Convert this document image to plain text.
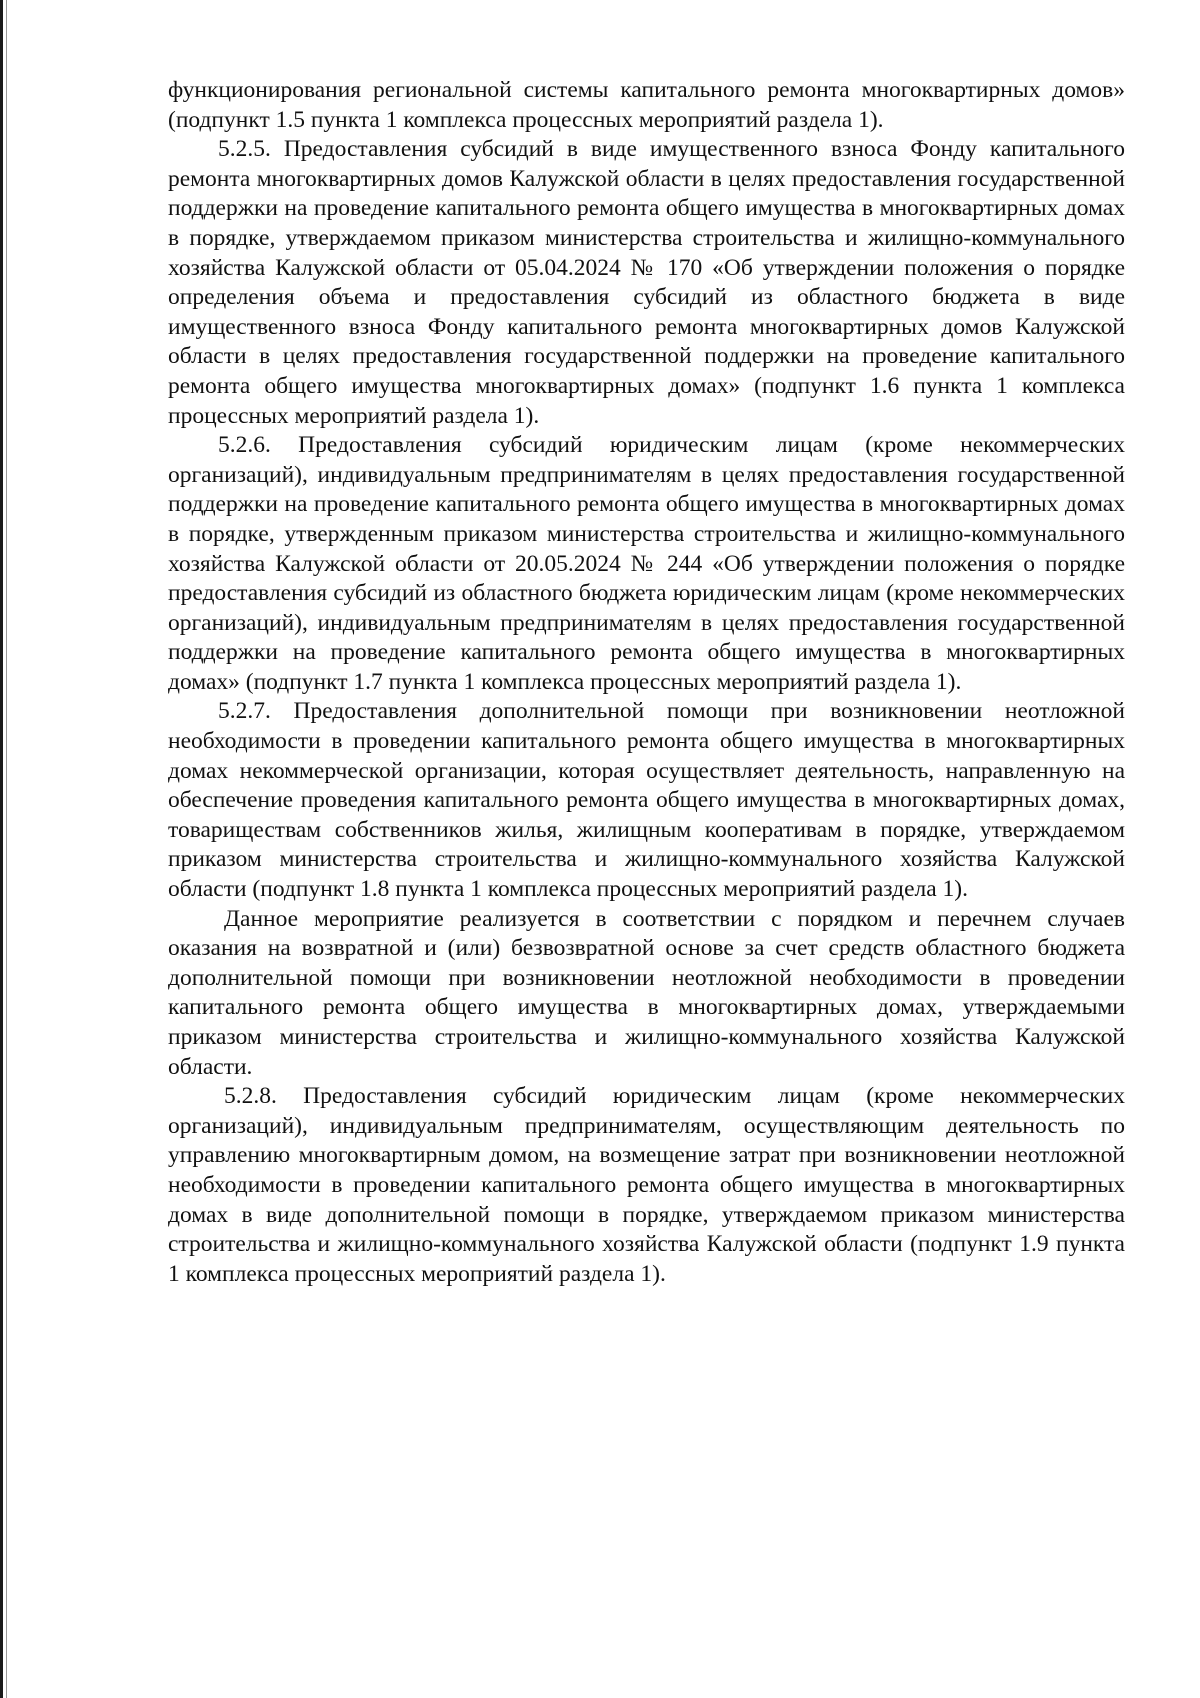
функционирования региональной системы капитального ремонта многоквартирных домов» (подпункт 1.5 пункта 1 комплекса процессных мероприятий раздела 1).

5.2.5. Предоставления субсидий в виде имущественного взноса Фонду капитального ремонта многоквартирных домов Калужской области в целях предоставления государственной поддержки на проведение капитального ремонта общего имущества в многоквартирных домах в порядке, утверждаемом приказом министерства строительства и жилищно-коммунального хозяйства Калужской области от 05.04.2024 № 170 «Об утверждении положения о порядке определения объема и предоставления субсидий из областного бюджета в виде имущественного взноса Фонду капитального ремонта многоквартирных домов Калужской области в целях предоставления государственной поддержки на проведение капитального ремонта общего имущества многоквартирных домах» (подпункт 1.6 пункта 1 комплекса процессных мероприятий раздела 1).

5.2.6. Предоставления субсидий юридическим лицам (кроме некоммерческих организаций), индивидуальным предпринимателям в целях предоставления государственной поддержки на проведение капитального ремонта общего имущества в многоквартирных домах в порядке, утвержденным приказом министерства строительства и жилищно-коммунального хозяйства Калужской области от 20.05.2024 № 244 «Об утверждении положения о порядке предоставления субсидий из областного бюджета юридическим лицам (кроме некоммерческих организаций), индивидуальным предпринимателям в целях предоставления государственной поддержки на проведение капитального ремонта общего имущества в многоквартирных домах» (подпункт 1.7 пункта 1 комплекса процессных мероприятий раздела 1).

5.2.7. Предоставления дополнительной помощи при возникновении неотложной необходимости в проведении капитального ремонта общего имущества в многоквартирных домах некоммерческой организации, которая осуществляет деятельность, направленную на обеспечение проведения капитального ремонта общего имущества в многоквартирных домах, товариществам собственников жилья, жилищным кооперативам в порядке, утверждаемом приказом министерства строительства и жилищно-коммунального хозяйства Калужской области (подпункт 1.8 пункта 1 комплекса процессных мероприятий раздела 1).

Данное мероприятие реализуется в соответствии с порядком и перечнем случаев оказания на возвратной и (или) безвозвратной основе за счет средств областного бюджета дополнительной помощи при возникновении неотложной необходимости в проведении капитального ремонта общего имущества в многоквартирных домах, утверждаемыми приказом министерства строительства и жилищно-коммунального хозяйства Калужской области.

5.2.8. Предоставления субсидий юридическим лицам (кроме некоммерческих организаций), индивидуальным предпринимателям, осуществляющим деятельность по управлению многоквартирным домом, на возмещение затрат при возникновении неотложной необходимости в проведении капитального ремонта общего имущества в многоквартирных домах в виде дополнительной помощи в порядке, утверждаемом приказом министерства строительства и жилищно-коммунального хозяйства Калужской области (подпункт 1.9 пункта 1 комплекса процессных мероприятий раздела 1).
